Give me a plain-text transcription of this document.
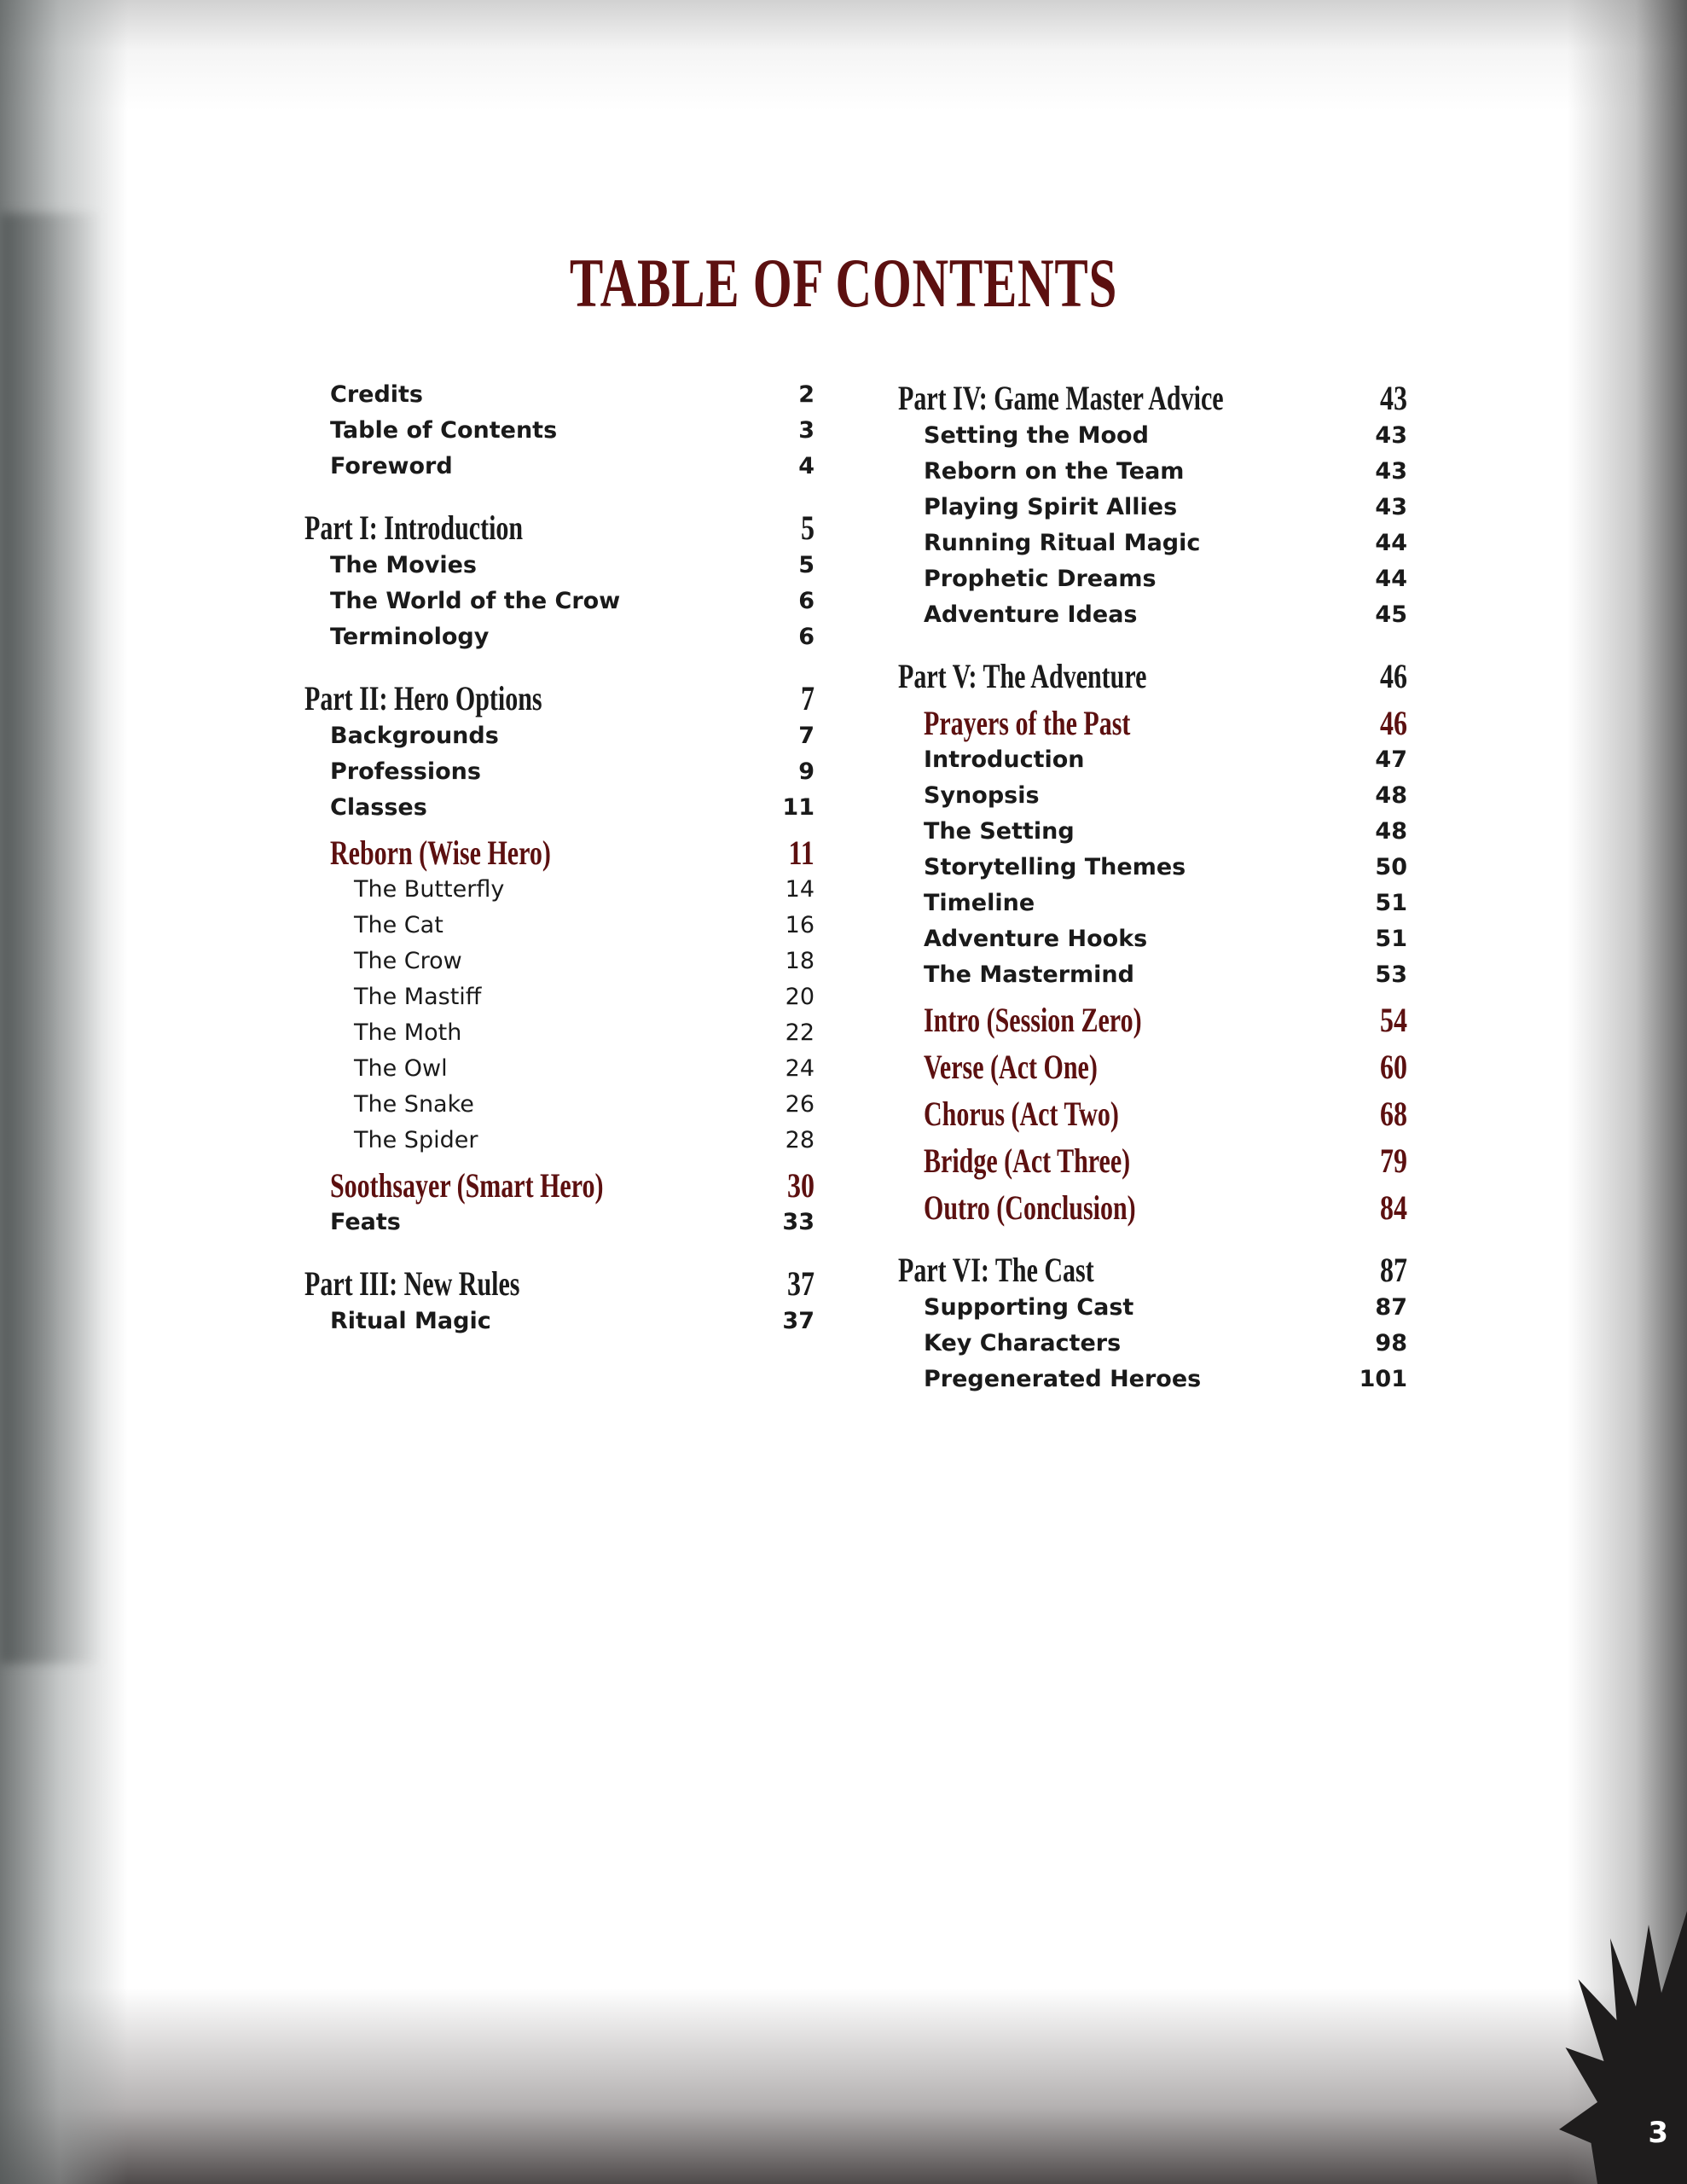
TABLE OF CONTENTS
Credits	2
Table of Contents	3
Foreword	4
Part I: Introduction	5
The Movies	5
The World of the Crow	6
Terminology	6
Part II: Hero Options	7
Backgrounds	7
Professions	9
Classes	11
Reborn (Wise Hero)	11
The Butterfly	14
The Cat	16
The Crow	18
The Mastiff	20
The Moth	22
The Owl	24
The Snake	26
The Spider	28
Soothsayer (Smart Hero)	30
Feats	33
Part III: New Rules	37
Ritual Magic	37
Part IV: Game Master Advice	43
Setting the Mood	43
Reborn on the Team	43
Playing Spirit Allies	43
Running Ritual Magic	44
Prophetic Dreams	44
Adventure Ideas	45
Part V: The Adventure	46
Prayers of the Past	46
Introduction	47
Synopsis	48
The Setting	48
Storytelling Themes	50
Timeline	51
Adventure Hooks	51
The Mastermind	53
Intro (Session Zero)	54
Verse (Act One)	60
Chorus (Act Two)	68
Bridge (Act Three)	79
Outro (Conclusion)	84
Part VI: The Cast	87
Supporting Cast	87
Key Characters	98
Pregenerated Heroes	101
3
